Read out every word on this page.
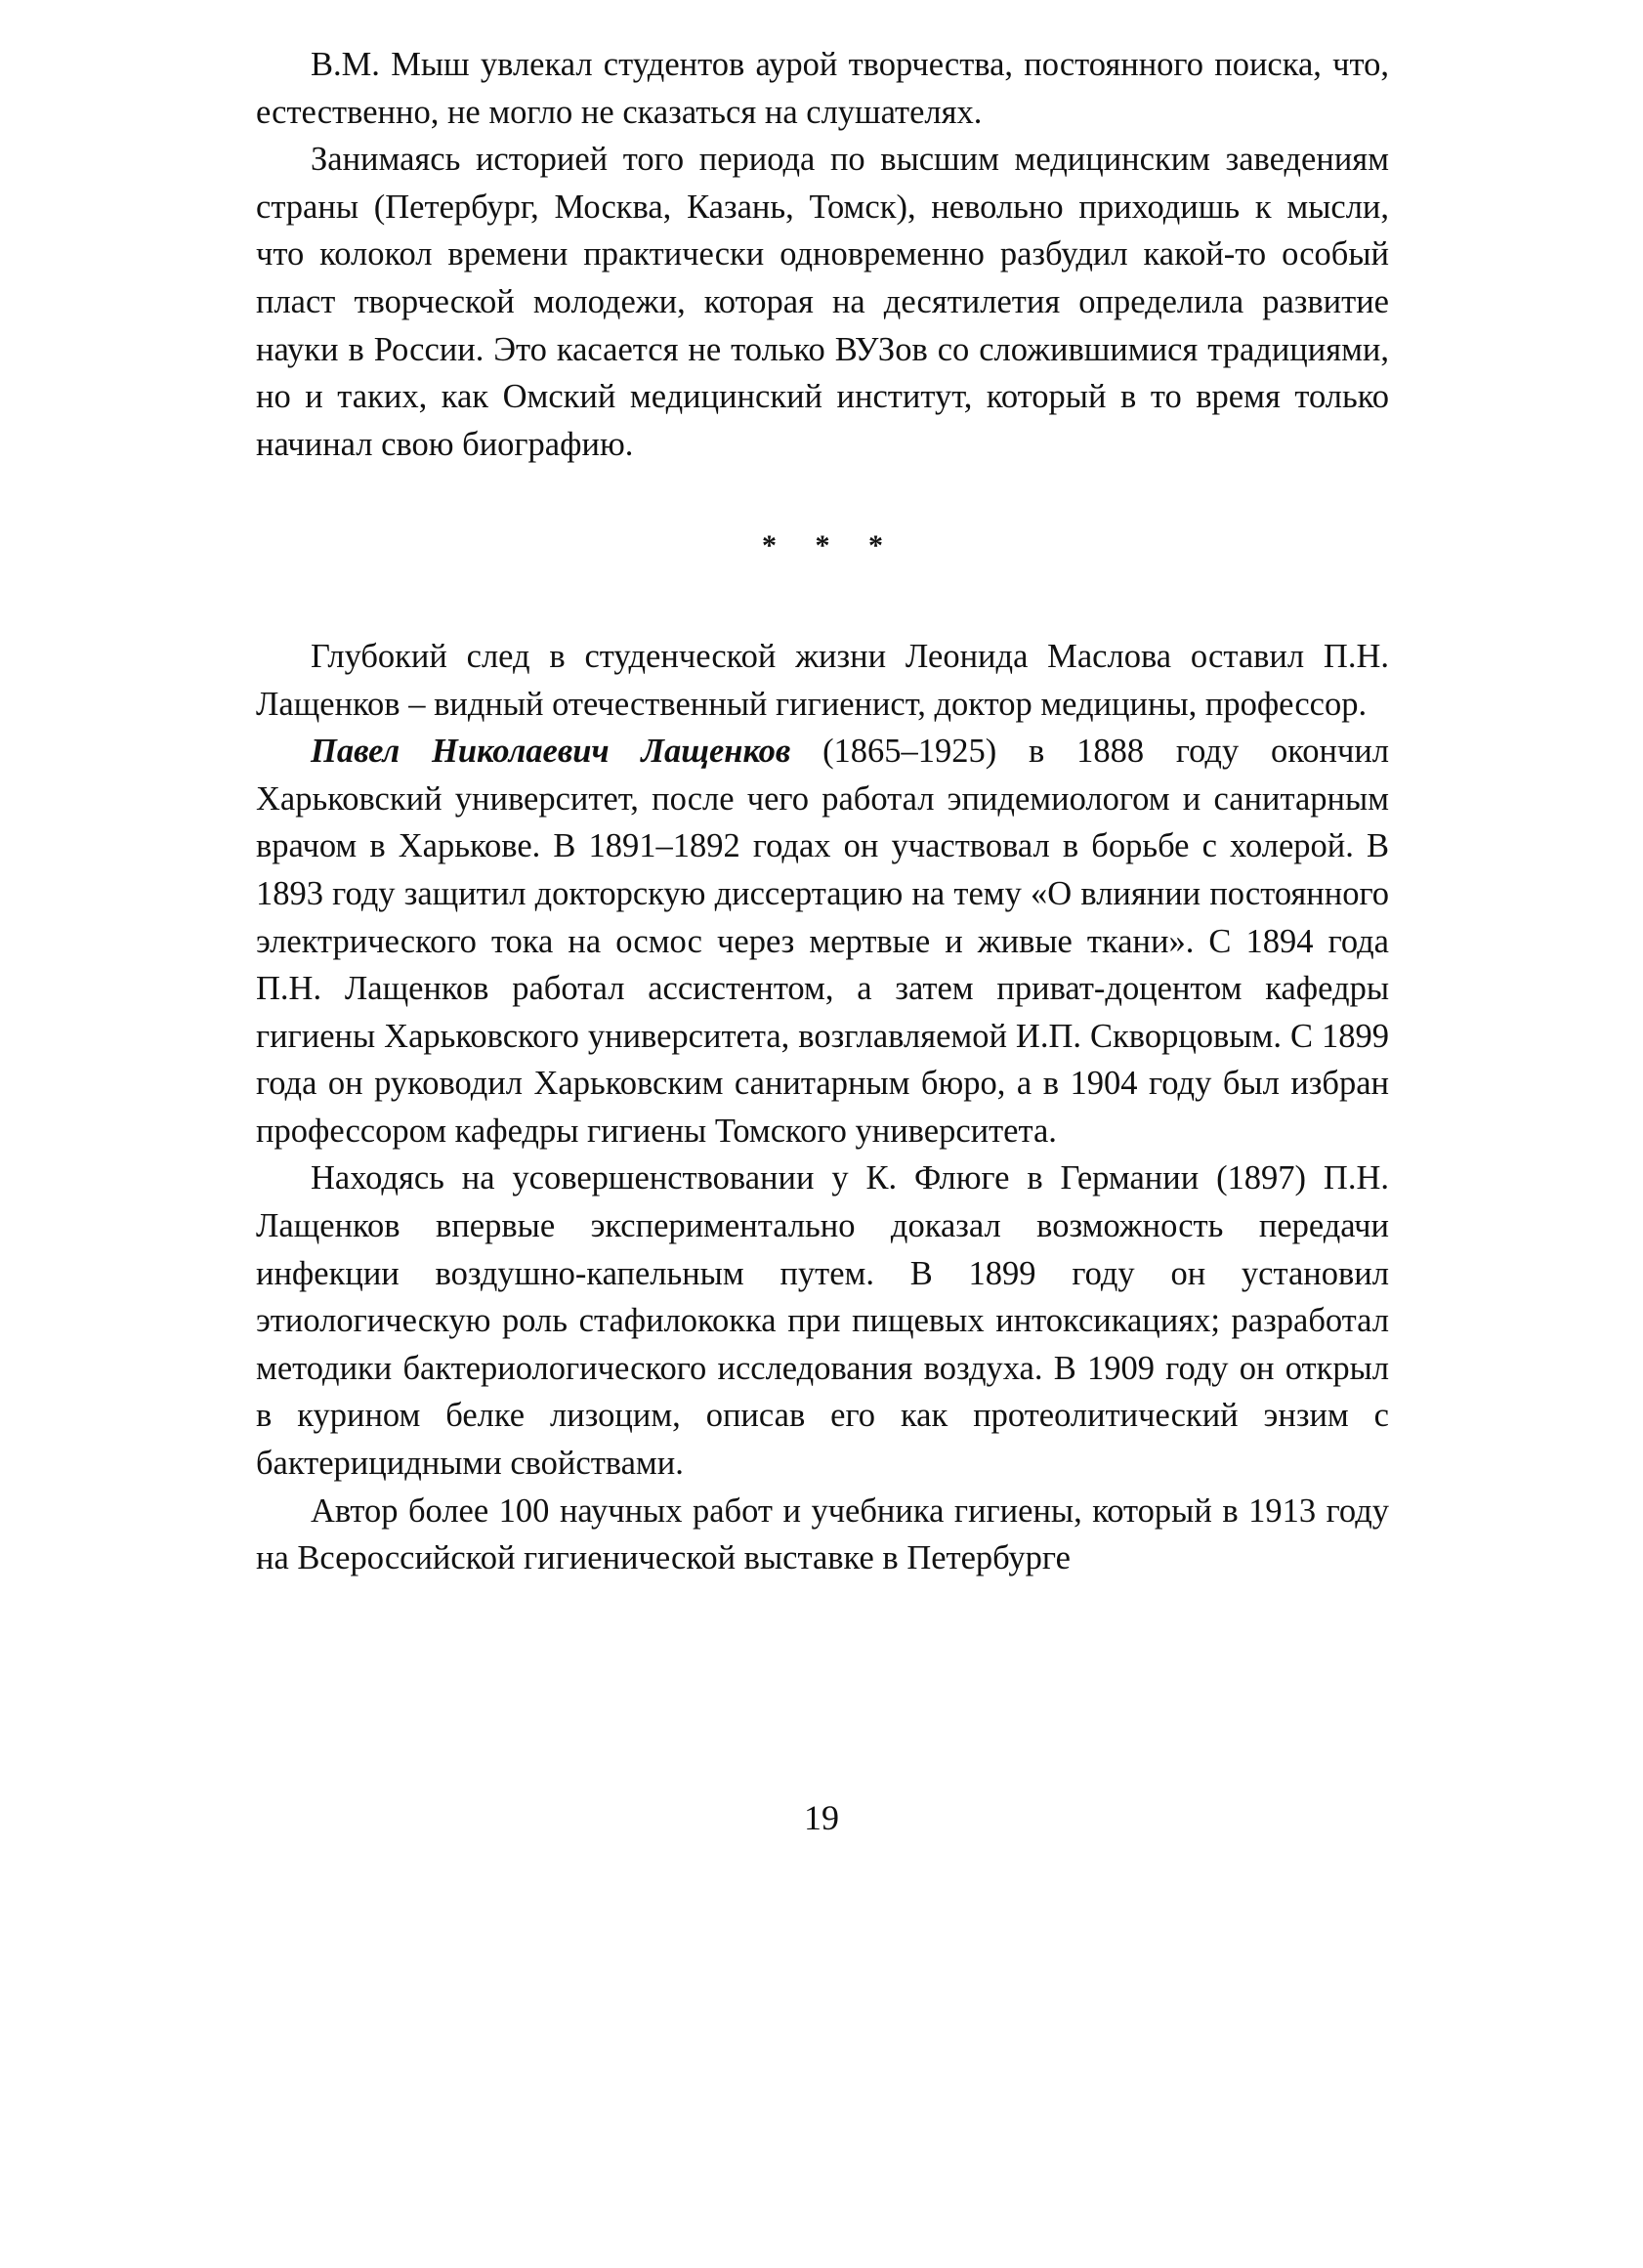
В.М. Мыш увлекал студентов аурой творчества, постоянного поиска, что, естественно, не могло не сказаться на слушателях.

Занимаясь историей того периода по высшим медицинским заведениям страны (Петербург, Москва, Казань, Томск), невольно приходишь к мысли, что колокол времени практически одновременно разбудил какой-то особый пласт творческой молодежи, которая на десятилетия определила развитие науки в России. Это касается не только ВУЗов со сложившимися традициями, но и таких, как Омский медицинский институт, который в то время только начинал свою биографию.

* * *

Глубокий след в студенческой жизни Леонида Маслова оставил П.Н. Лащенков – видный отечественный гигиенист, доктор медицины, профессор.

Павел Николаевич Лащенков (1865–1925) в 1888 году окончил Харьковский университет, после чего работал эпидемиологом и санитарным врачом в Харькове. В 1891–1892 годах он участвовал в борьбе с холерой. В 1893 году защитил докторскую диссертацию на тему «О влиянии постоянного электрического тока на осмос через мертвые и живые ткани». С 1894 года П.Н. Лащенков работал ассистентом, а затем приват-доцентом кафедры гигиены Харьковского университета, возглавляемой И.П. Скворцовым. С 1899 года он руководил Харьковским санитарным бюро, а в 1904 году был избран профессором кафедры гигиены Томского университета.

Находясь на усовершенствовании у К. Флюге в Германии (1897) П.Н. Лащенков впервые экспериментально доказал возможность передачи инфекции воздушно-капельным путем. В 1899 году он установил этиологическую роль стафилококка при пищевых интоксикациях; разработал методики бактериологического исследования воздуха. В 1909 году он открыл в курином белке лизоцим, описав его как протеолитический энзим с бактерицидными свойствами.

Автор более 100 научных работ и учебника гигиены, который в 1913 году на Всероссийской гигиенической выставке в Петербурге

19
